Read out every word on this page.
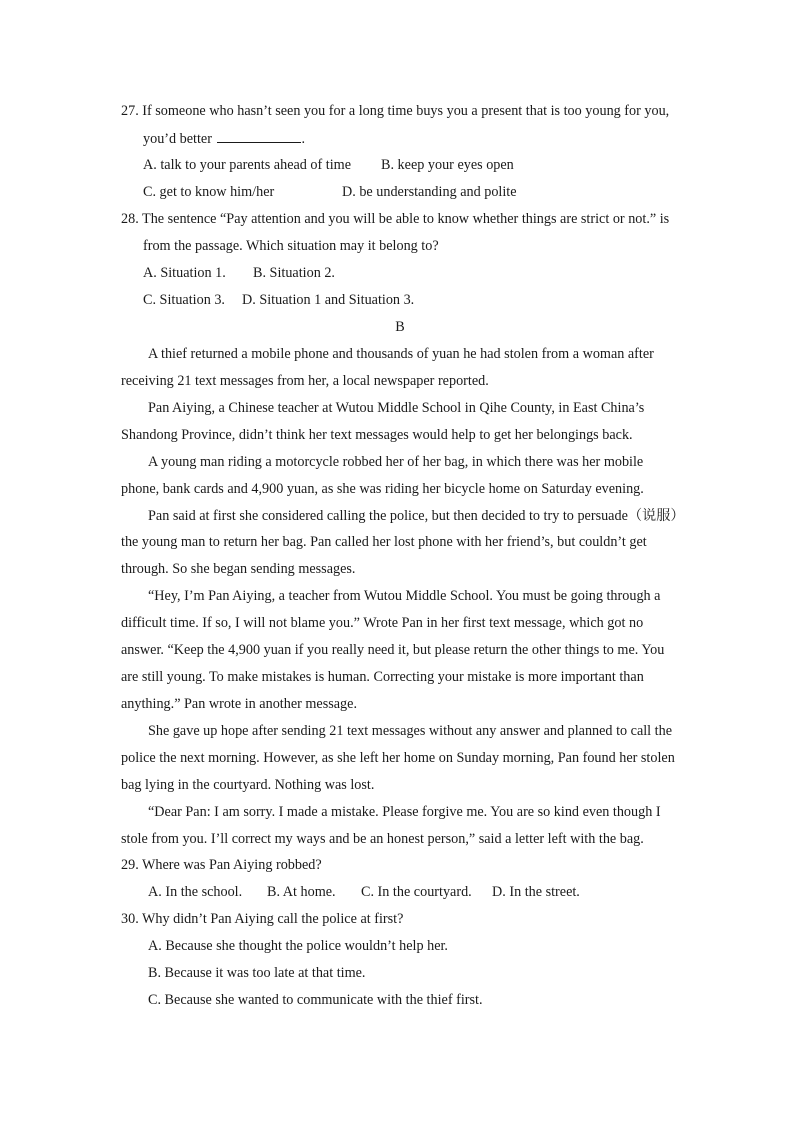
27. If someone who hasn’t seen you for a long time buys you a present that is too young for you,
you’d better	.
A. talk to your parents ahead of time B. keep your eyes open
C. get to know him/her	D. be understanding and polite
28. The sentence “Pay attention and you will be able to know whether things are strict or not.” is
from the passage. Which situation may it belong to?
A. Situation 1. B. Situation 2.
C. Situation 3. D. Situation 1 and Situation 3.
B
A thief returned a mobile phone and thousands of yuan he had stolen from a woman after
receiving 21 text messages from her, a local newspaper reported.
Pan Aiying, a Chinese teacher at Wutou Middle School in Qihe County, in East China’s
Shandong Province, didn’t think her text messages would help to get her belongings back.
A young man riding a motorcycle robbed her of her bag, in which there was her mobile
phone, bank cards and 4,900 yuan, as she was riding her bicycle home on Saturday evening.
Pan said at first she considered calling the police, but then decided to try to persuade（说服）
the young man to return her bag. Pan called her lost phone with her friend’s, but couldn’t get
through. So she began sending messages.
“Hey, I’m Pan Aiying, a teacher from Wutou Middle School. You must be going through a
difficult time. If so, I will not blame you.” Wrote Pan in her first text message, which got no
answer. “Keep the 4,900 yuan if you really need it, but please return the other things to me. You
are still young. To make mistakes is human. Correcting your mistake is more important than
anything.” Pan wrote in another message.
She gave up hope after sending 21 text messages without any answer and planned to call the
police the next morning. However, as she left her home on Sunday morning, Pan found her stolen
bag lying in the courtyard. Nothing was lost.
“Dear Pan: I am sorry. I made a mistake. Please forgive me. You are so kind even though I
stole from you. I’ll correct my ways and be an honest person,” said a letter left with the bag.
29. Where was Pan Aiying robbed?
A. In the school. B. At home. C. In the courtyard. D. In the street.
30. Why didn’t Pan Aiying call the police at first?
A. Because she thought the police wouldn’t help her.
B. Because it was too late at that time.
C. Because she wanted to communicate with the thief first.
